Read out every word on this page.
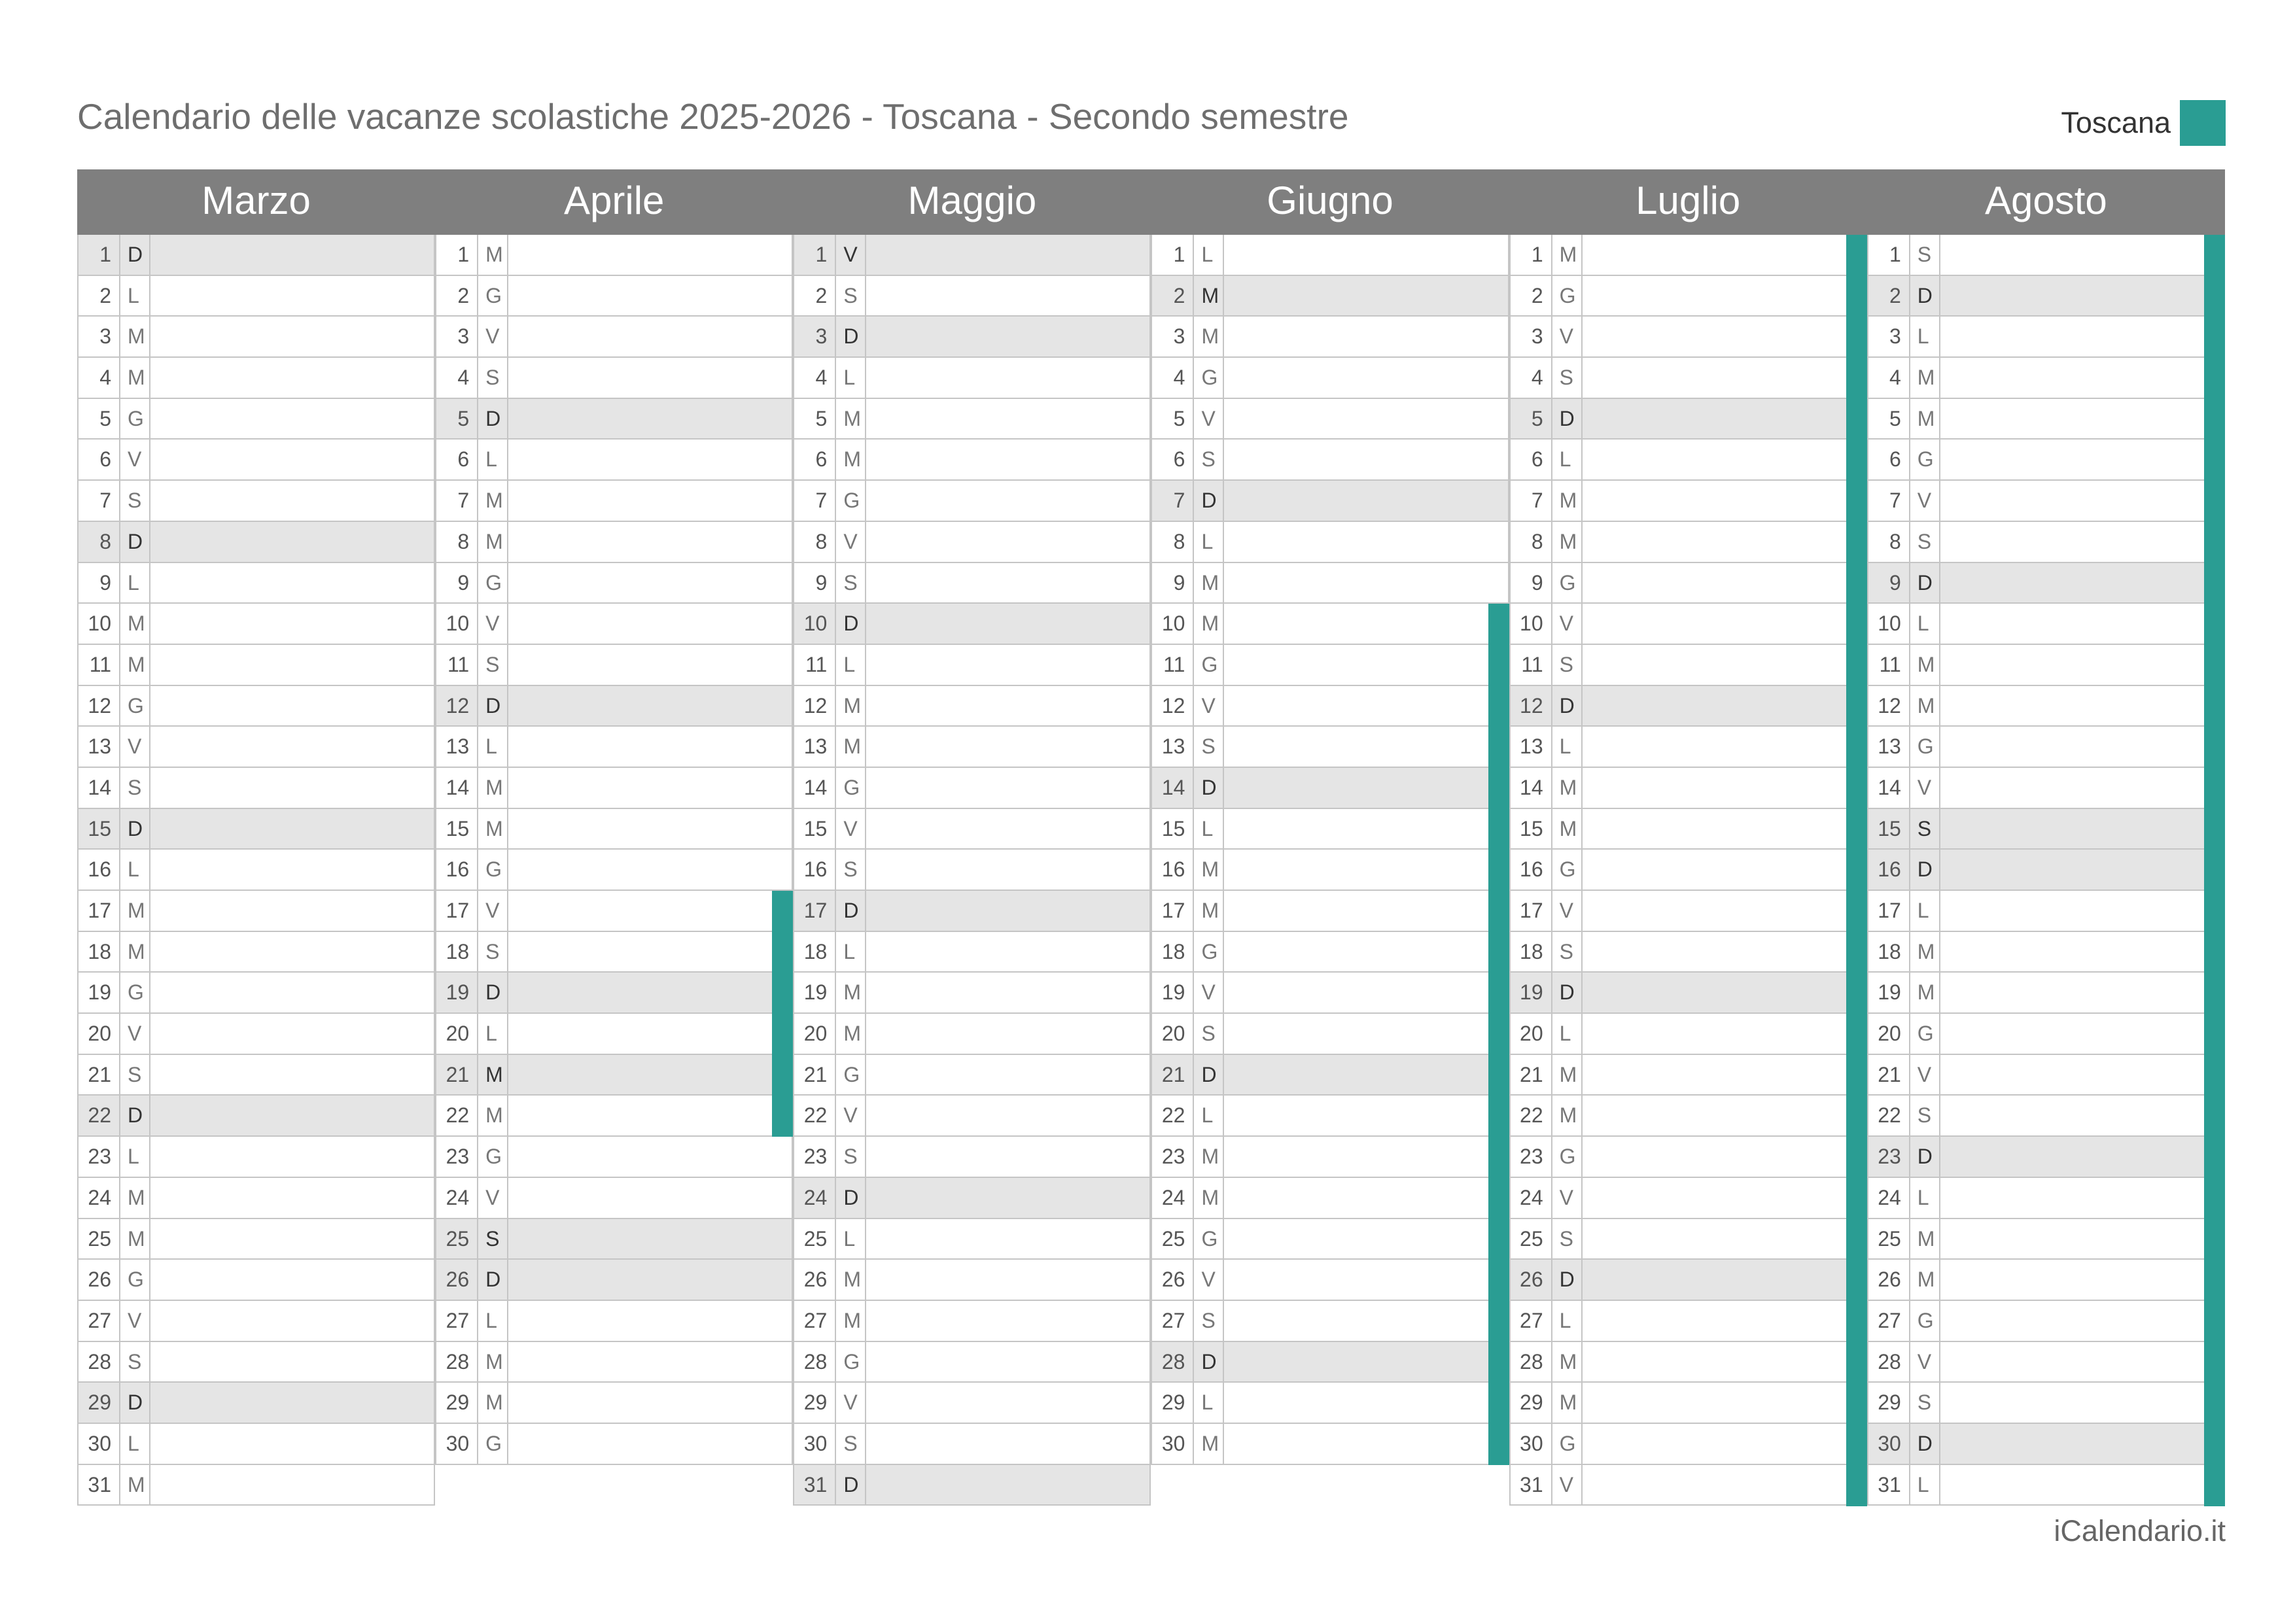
Calendario delle vacanze scolastiche 2025-2026 - Toscana - Secondo semestre	Toscana
Marzo
1 D
2 L
3 M
4 M
5 G
6 V
7 S
8 D
9 L
10 M
11 M
12 G
13 V
14 S
15 D
16 L
17 M
18 M
19 G
20 V
21 S
22 D
23 L
24 M
25 M
26 G
27 V
28 S
29 D
30 L
31 M
Aprile
1 M
2 G
3 V
4 S
5 D
6 L
7 M
8 M
9 G
10 V
11 S
12 D
13 L
14 M
15 M
16 G
17 V
18 S
19 D
20 L
21 M
22 M
23 G
24 V
25 S
26 D
27 L
28 M
29 M
30 G
Maggio
1 V
2 S
3 D
4 L
5 M
6 M
7 G
8 V
9 S
10 D
11 L
12 M
13 M
14 G
15 V
16 S
17 D
18 L
19 M
20 M
21 G
22 V
23 S
24 D
25 L
26 M
27 M
28 G
29 V
30 S
31 D
Giugno
1 L
2 M
3 M
4 G
5 V
6 S
7 D
8 L
9 M
10 M
11 G
12 V
13 S
14 D
15 L
16 M
17 M
18 G
19 V
20 S
21 D
22 L
23 M
24 M
25 G
26 V
27 S
28 D
29 L
30 M
Luglio
1 M
2 G
3 V
4 S
5 D
6 L
7 M
8 M
9 G
10 V
11 S
12 D
13 L
14 M
15 M
16 G
17 V
18 S
19 D
20 L
21 M
22 M
23 G
24 V
25 S
26 D
27 L
28 M
29 M
30 G
31 V
Agosto
1 S
2 D
3 L
4 M
5 M
6 G
7 V
8 S
9 D
10 L
11 M
12 M
13 G
14 V
15 S
16 D
17 L
18 M
19 M
20 G
21 V
22 S
23 D
24 L
25 M
26 M
27 G
28 V
29 S
30 D
31 L
iCalendario.it
